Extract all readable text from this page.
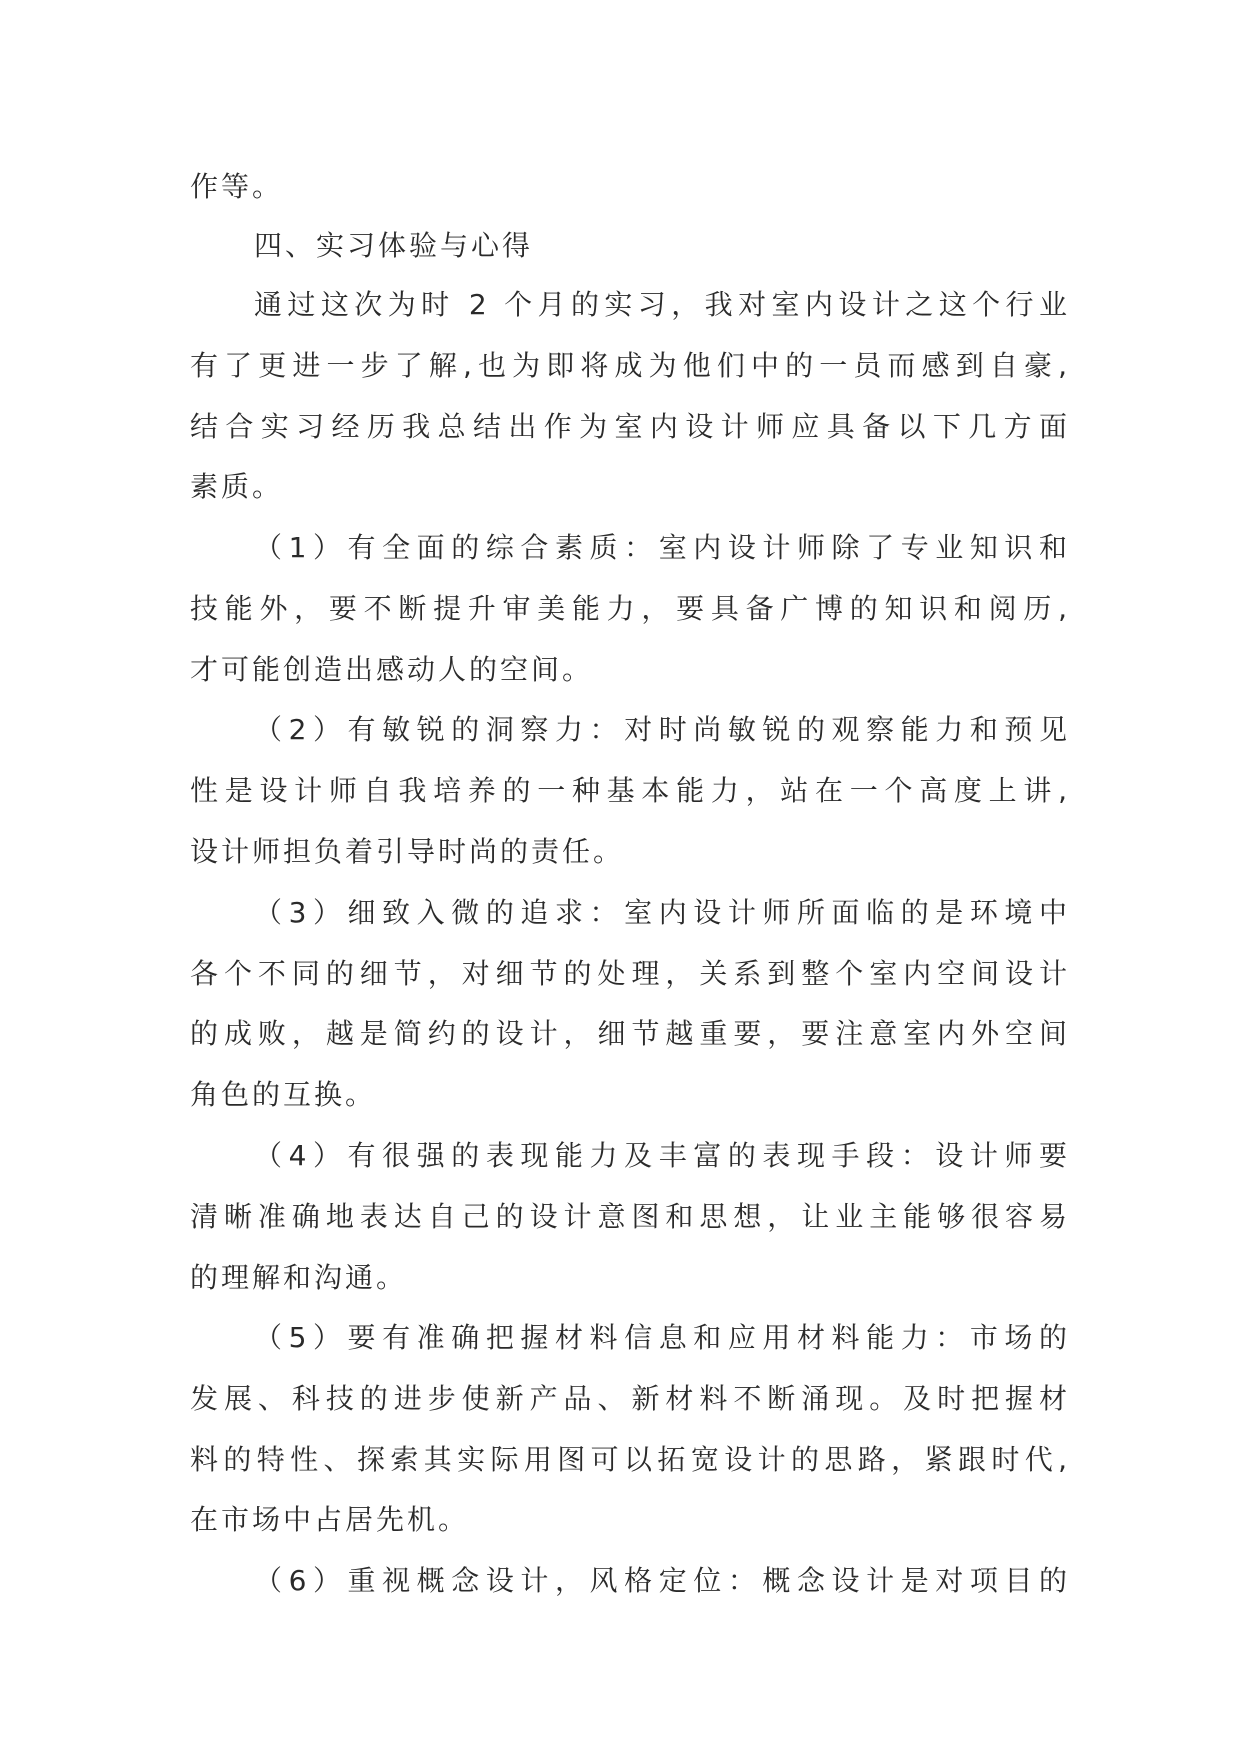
作等。

四、实习体验与心得

通过这次为时 2 个月的实习，我对室内设计之这个行业

有了更进一步了解,也为即将成为他们中的一员而感到自豪,

结合实习经历我总结出作为室内设计师应具备以下几方面

素质。

（1）有全面的综合素质：室内设计师除了专业知识和

技能外，要不断提升审美能力，要具备广博的知识和阅历,

才可能创造出感动人的空间。

（2）有敏锐的洞察力：对时尚敏锐的观察能力和预见

性是设计师自我培养的一种基本能力，站在一个高度上讲,

设计师担负着引导时尚的责任。

（3）细致入微的追求：室内设计师所面临的是环境中

各个不同的细节，对细节的处理，关系到整个室内空间设计

的成败，越是简约的设计，细节越重要，要注意室内外空间

角色的互换。

（4）有很强的表现能力及丰富的表现手段：设计师要

清晰准确地表达自己的设计意图和思想，让业主能够很容易

的理解和沟通。

（5）要有准确把握材料信息和应用材料能力：市场的

发展、科技的进步使新产品、新材料不断涌现。及时把握材

料的特性、探索其实际用图可以拓宽设计的思路，紧跟时代,

在市场中占居先机。

（6）重视概念设计，风格定位：概念设计是对项目的
